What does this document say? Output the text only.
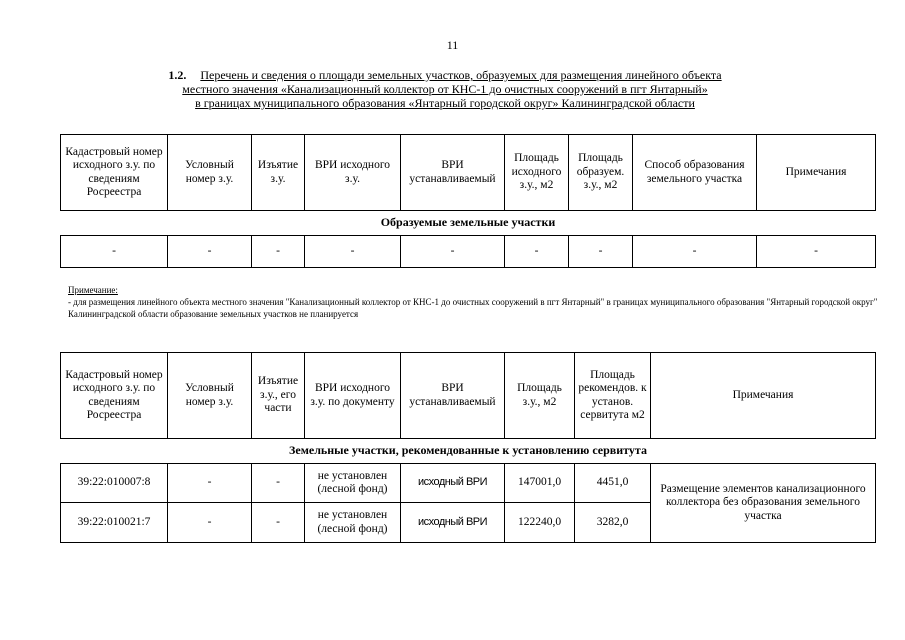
11
1.2. Перечень и сведения о площади земельных участков, образуемых для размещения линейного объекта
местного значения «Канализационный коллектор от КНС-1 до очистных сооружений в пгт Янтарный»
в границах муниципального образования «Янтарный городской округ» Калининградской области
Кадастровый номер исходного з.у. по сведениям Росреестра	Условный номер з.у.	Изъятие з.у.	ВРИ исходного з.у.	ВРИ устанавливаемый	Площадь исходного з.у., м2	Площадь образуем. з.у., м2	Способ образования земельного участка	Примечания
Образуемые земельные участки								
-	-	-	-	-	-	-	-	-
Примечание:
- для размещения линейного объекта местного значения "Канализационный коллектор от КНС-1 до очистных сооружений в пгт Янтарный" в границах муниципального образования "Янтарный городской округ" Калининградской области образование земельных участков не планируется
Кадастровый номер исходного з.у. по сведениям Росреестра	Условный номер з.у.	Изъятие з.у., его части	ВРИ исходного з.у. по документу	ВРИ устанавливаемый	Площадь з.у., м2	Площадь рекомендов. к установ. сервитута м2	Примечания
Земельные участки, рекомендованные к установлению сервитута							
39:22:010007:8	-	-	не установлен (лесной фонд)	исходный ВРИ	147001,0	4451,0	Размещение элементов канализационного коллектора без образования земельного участка
39:22:010021:7	-	-	не установлен (лесной фонд)	исходный ВРИ	122240,0	3282,0	
